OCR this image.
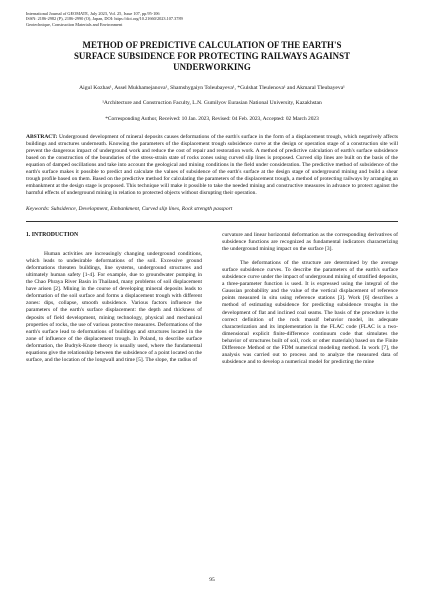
International Journal of GEOMATE, July 2023, Vol. 25, Issue 107, pp.95-106
ISSN: 2186-2982 (P), 2186-2990 (O), Japan, DOI: https://doi.org/10.21660/2023.107.3789
Geotechnique, Construction Materials and Environment
METHOD OF PREDICTIVE CALCULATION OF THE EARTH'S
SURFACE SUBSIDENCE FOR PROTECTING RAILWAYS AGAINST
UNDERWORKING
Aigul Kozhas¹, Assel Mukhamejanova¹, Shamshygaiyn Toleubayeva¹, *Gulshat Tleulenova¹ and Akmaral Tleubayeva¹
¹Architecture and Construction Faculty, L.N. Gumilyov Eurasian National University, Kazakhstan
*Corresponding Author, Received: 10 Jan. 2023, Revised: 04 Feb. 2023, Accepted: 02 March 2023
ABSTRACT: Underground development of mineral deposits causes deformations of the earth's surface in the form of a displacement trough, which negatively affects buildings and structures underneath. Knowing the parameters of the displacement trough subsidence curve at the design or operation stage of a construction site will prevent the dangerous impact of underground work and reduce the cost of repair and restoration work. A method of predictive calculation of earth's surface subsidence based on the construction of the boundaries of the stress-strain state of rocks zones using curved slip lines is proposed. Curved slip lines are built on the basis of the equation of damped oscillations and take into account the geological and mining conditions in the field under consideration. The predictive method of subsidence of the earth's surface makes it possible to predict and calculate the values of subsidence of the earth's surface at the design stage of underground mining and build a shear trough profile based on them. Based on the predictive method for calculating the parameters of the displacement trough, a method of protecting railways by arranging an embankment at the design stage is proposed. This technique will make it possible to take the needed mining and constructive measures in advance to protect against the harmful effects of underground mining in relation to protected objects without disrupting their operation.
Keywords: Subsidence, Development, Embankment, Curved slip lines, Rock strength passport
1. INTRODUCTION

Human activities are increasingly changing underground conditions, which leads to undesirable deformations of the soil. Excessive ground deformations threaten buildings, line systems, underground structures and ultimately human safety [1-4]. For example, due to groundwater pumping in the Chao Phraya River Basin in Thailand, many problems of soil displacement have arisen [2]. Mining in the course of developing mineral deposits leads to deformation of the soil surface and forms a displacement trough with different zones: dips, collapse, smooth subsidence. Various factors influence the parameters of the earth's surface displacement: the depth and thickness of deposits of field development, mining technology, physical and mechanical properties of rocks, the use of various protective measures. Deformations of the earth's surface lead to deformations of buildings and structures located in the zone of influence of the displacement trough. In Poland, to describe surface deformation, the Budryk-Knote theory is usually used, where the fundamental equations give the relationship between the subsidence of a point located on the surface, and the location of the longwall and time [5]. The slope, the radius of

curvature and linear horizontal deformation as the corresponding derivatives of subsidence functions are recognized as fundamental indicators characterizing the underground mining impact on the surface [3].

The deformations of the structure are determined by the average surface subsidence curves. To describe the parameters of the earth's surface subsidence curve under the impact of underground mining of stratified deposits, a three-parameter function is used. It is expressed using the integral of the Gaussian probability and the value of the vertical displacement of reference points measured in situ using reference stations [3]. Work [6] describes a method of estimating subsidence for predicting subsidence troughs in the development of flat and inclined coal seams. The basis of the procedure is the correct definition of the rock massif behavior model, its adequate characterization and its implementation in the FLAC code (FLAC is a two-dimensional explicit finite-difference continuum code that simulates the behavior of structures built of soil, rock or other materials) based on the Finite Difference Method or the FDM numerical modeling method. In work [7], the analysis was carried out to process and to analyze the measured data of subsidence and to develop a numerical model for predicting the mine

95
